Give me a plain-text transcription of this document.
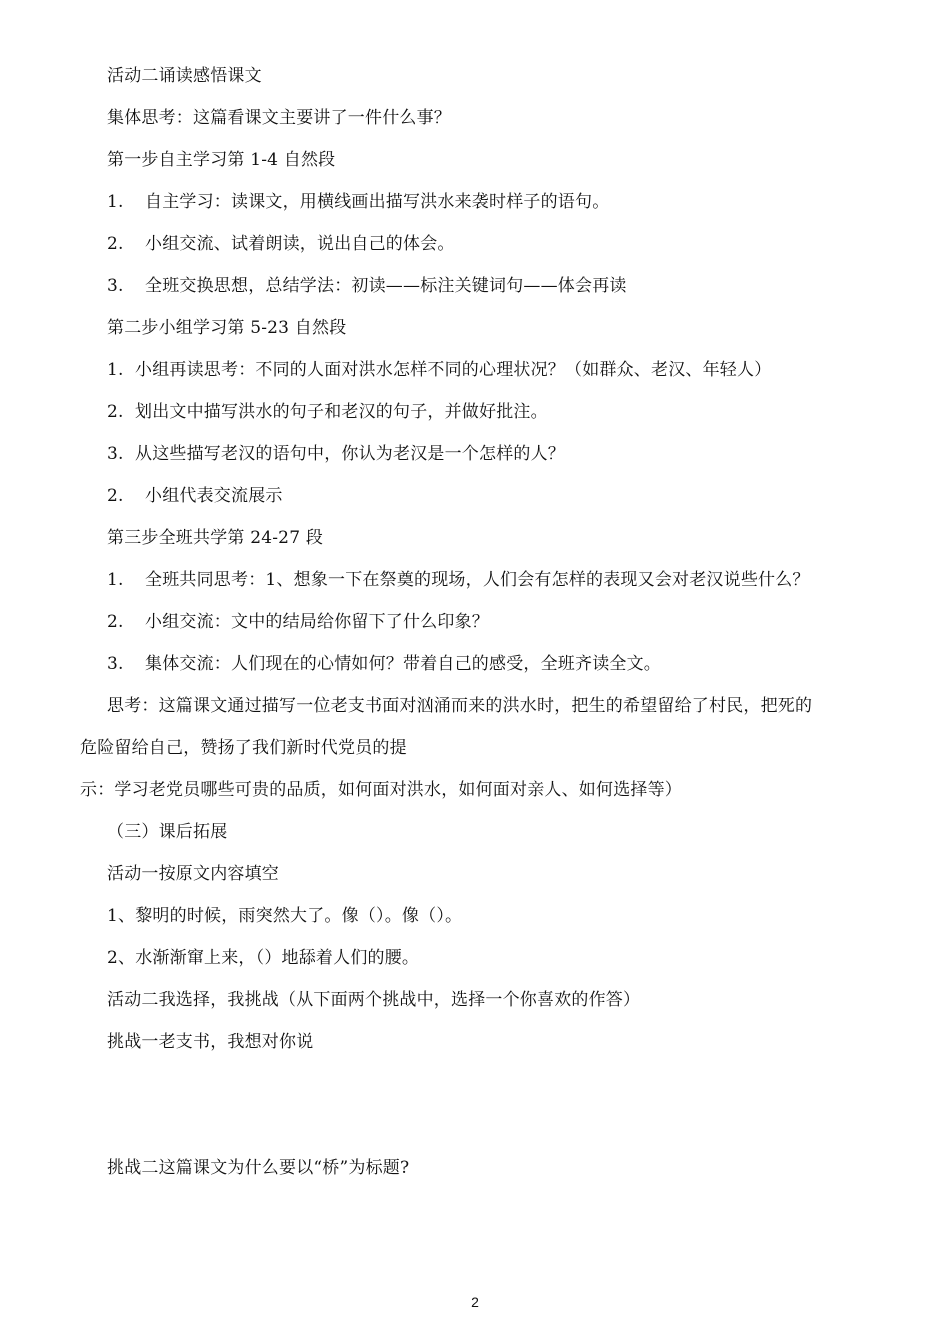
活动二诵读感悟课文
集体思考：这篇看课文主要讲了一件什么事？
第一步自主学习第 1-4 自然段
1. 自主学习：读课文，用横线画出描写洪水来袭时样子的语句。
2. 小组交流、试着朗读，说出自己的体会。
3. 全班交换思想，总结学法：初读——标注关键词句——体会再读
第二步小组学习第 5-23 自然段
1. 小组再读思考：不同的人面对洪水怎样不同的心理状况？（如群众、老汉、年轻人）
2. 划出文中描写洪水的句子和老汉的句子，并做好批注。
3. 从这些描写老汉的语句中，你认为老汉是一个怎样的人？
2. 小组代表交流展示
第三步全班共学第 24-27 段
1. 全班共同思考：1、想象一下在祭奠的现场，人们会有怎样的表现又会对老汉说些什么？
2. 小组交流：文中的结局给你留下了什么印象？
3. 集体交流：人们现在的心情如何？带着自己的感受，全班齐读全文。
思考：这篇课文通过描写一位老支书面对汹涌而来的洪水时，把生的希望留给了村民，把死的
危险留给自己，赞扬了我们新时代党员的提
示：学习老党员哪些可贵的品质，如何面对洪水，如何面对亲人、如何选择等）
（三）课后拓展
活动一按原文内容填空
1、黎明的时候，雨突然大了。像（）。像（）。
2、水渐渐窜上来，（）地舔着人们的腰。
活动二我选择，我挑战（从下面两个挑战中，选择一个你喜欢的作答）
挑战一老支书，我想对你说
挑战二这篇课文为什么要以“桥”为标题?
2
